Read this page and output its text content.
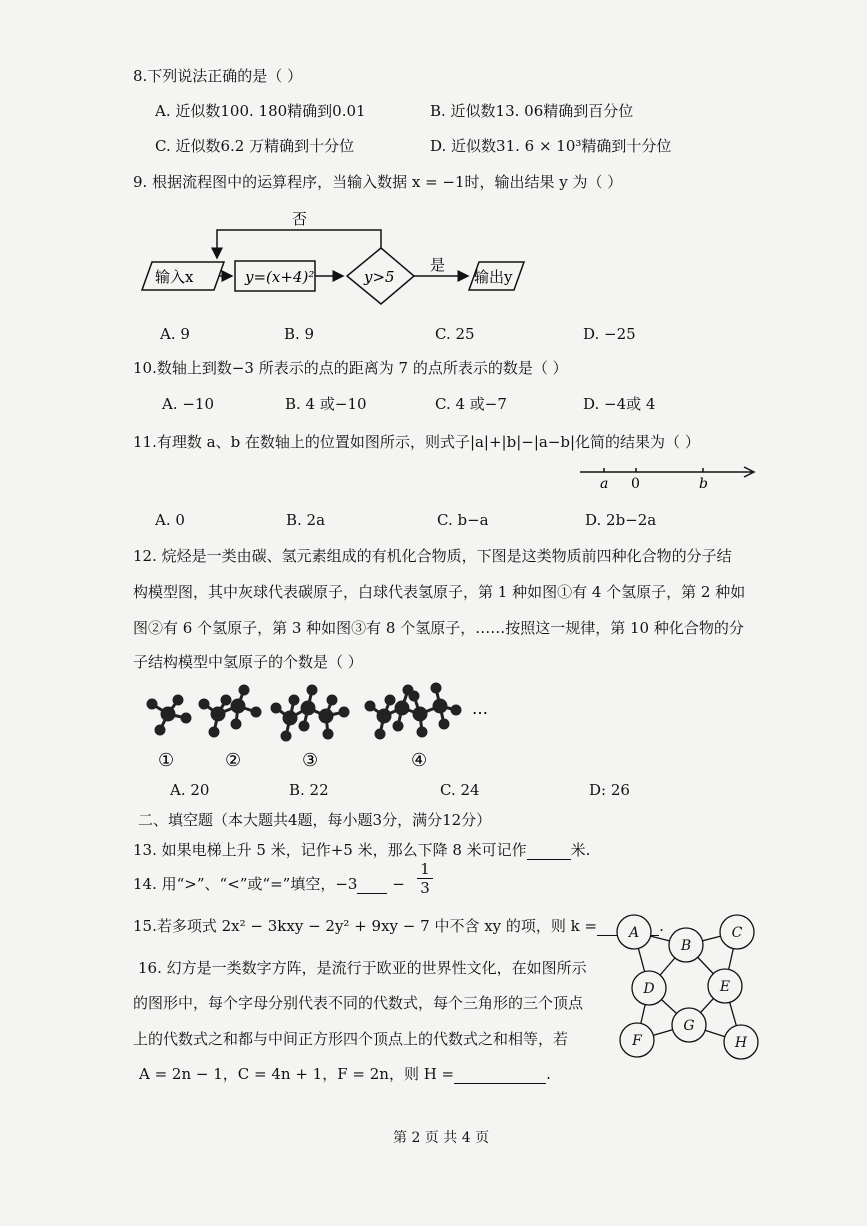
8.下列说法正确的是（ ）
A. 近似数100. 180精确到0.01	B. 近似数13. 06精确到百分位
C. 近似数6.2 万精确到十分位	D. 近似数31. 6 × 10³精确到十分位
9. 根据流程图中的运算程序，当输入数据 x = −1时，输出结果 y 为（ ）
输入x	y=(x+4)²	y>5
是
输出y
否
A. 9	B. 9	C. 25	D. −25
10.数轴上到数−3 所表示的点的距离为 7 的点所表示的数是（ ）
A. −10	B. 4 或−10	C. 4 或−7	D. −4或 4
11.有理数 a、b 在数轴上的位置如图所示，则式子|a|+|b|−|a−b|化简的结果为（ ）
a 0	b
A. 0	B. 2a	C. b−a	D. 2b−2a
12. 烷烃是一类由碳、氢元素组成的有机化合物质，下图是这类物质前四种化合物的分子结
构模型图，其中灰球代表碳原子，白球代表氢原子，第 1 种如图①有 4 个氢原子，第 2 种如
图②有 6 个氢原子，第 3 种如图③有 8 个氢原子，……按照这一规律，第 10 种化合物的分
子结构模型中氢原子的个数是（ ）
…
①	②	③	④
A. 20	B. 22	C. 24	D: 26
二、填空题（本大题共4题，每小题3分，满分12分）
13. 如果电梯上升 5 米，记作+5 米，那么下降 8 米可记作	米.
14. 用“>”、“<”或“=”填空，$-3 - \frac{1}{3}$
15.若多项式 2x² − 3kxy − 2y² + 9xy − 7 中不含 xy 的项，则 k =	.
16. 幻方是一类数字方阵，是流行于欧亚的世界性文化，在如图所示
的图形中，每个字母分别代表不同的代数式，每个三角形的三个顶点
上的代数式之和都与中间正方形四个顶点上的代数式之和相等，若
A = 2n − 1，C = 4n + 1，F = 2n，则 H =	.
A
B
C
D	E
F
G
H
第 2 页 共 4 页
